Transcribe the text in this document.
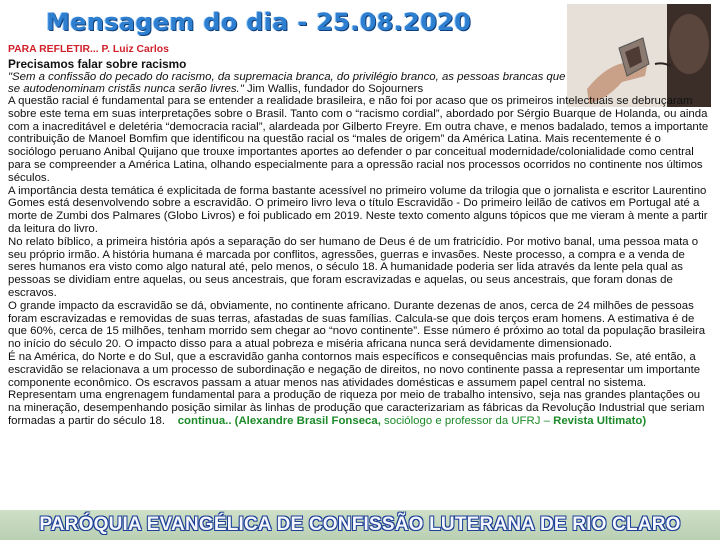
Mensagem do dia - 25.08.2020
PARA REFLETIR... P. Luiz Carlos
Precisamos falar sobre racismo
"Sem a confissão do pecado do racismo, da supremacia branca, do privilégio branco, as pessoas brancas que se autodenominam cristãs nunca serão livres." Jim Wallis, fundador do Sojourners

A questão racial é fundamental para se entender a realidade brasileira, e não foi por acaso que os primeiros intelectuais se debruçaram sobre este tema em suas interpretações sobre o Brasil. Tanto com o “racismo cordial”, abordado por Sérgio Buarque de Holanda, ou ainda com a inacreditável e deletéria “democracia racial”, alardeada por Gilberto Freyre. Em outra chave, e menos badalado, temos a importante contribuição de Manoel Bomfim que identificou na questão racial os “males de origem” da América Latina. Mais recentemente é o sociólogo peruano Anibal Quijano que trouxe importantes aportes ao defender o par conceitual modernidade/colonialidade como central para se compreender a América Latina, olhando especialmente para a opressão racial nos processos ocorridos no continente nos últimos séculos.

A importância desta temática é explicitada de forma bastante acessível no primeiro volume da trilogia que o jornalista e escritor Laurentino Gomes está desenvolvendo sobre a escravidão. O primeiro livro leva o título Escravidão - Do primeiro leilão de cativos em Portugal até a morte de Zumbi dos Palmares (Globo Livros) e foi publicado em 2019. Neste texto comento alguns tópicos que me vieram à mente a partir da leitura do livro.

No relato bíblico, a primeira história após a separação do ser humano de Deus é de um fratricídio. Por motivo banal, uma pessoa mata o seu próprio irmão. A história humana é marcada por conflitos, agressões, guerras e invasões. Neste processo, a compra e a venda de seres humanos era visto como algo natural até, pelo menos, o século 18. A humanidade poderia ser lida através da lente pela qual as pessoas se dividiam entre aquelas, ou seus ancestrais, que foram escravizadas e aquelas, ou seus ancestrais, que foram donas de escravos.

O grande impacto da escravidão se dá, obviamente, no continente africano. Durante dezenas de anos, cerca de 24 milhões de pessoas foram escravizadas e removidas de suas terras, afastadas de suas famílias. Calcula-se que dois terços eram homens. A estimativa é de que 60%, cerca de 15 milhões, tenham morrido sem chegar ao “novo continente”. Esse número é próximo ao total da população brasileira no início do século 20. O impacto disso para a atual pobreza e miséria africana nunca será devidamente dimensionado.

É na América, do Norte e do Sul, que a escravidão ganha contornos mais específicos e consequências mais profundas. Se, até então, a escravidão se relacionava a um processo de subordinação e negação de direitos, no novo continente passa a representar um importante componente econômico. Os escravos passam a atuar menos nas atividades domésticas e assumem papel central no sistema. Representam uma engrenagem fundamental para a produção de riqueza por meio de trabalho intensivo, seja nas grandes plantações ou na mineração, desempenhando posição similar às linhas de produção que caracterizariam as fábricas da Revolução Industrial que seriam formadas a partir do século 18.    continua.. (Alexandre Brasil Fonseca, sociólogo e professor da UFRJ – Revista Ultimato)

PARÓQUIA EVANGÉLICA DE CONFISSÃO LUTERANA DE RIO CLARO
